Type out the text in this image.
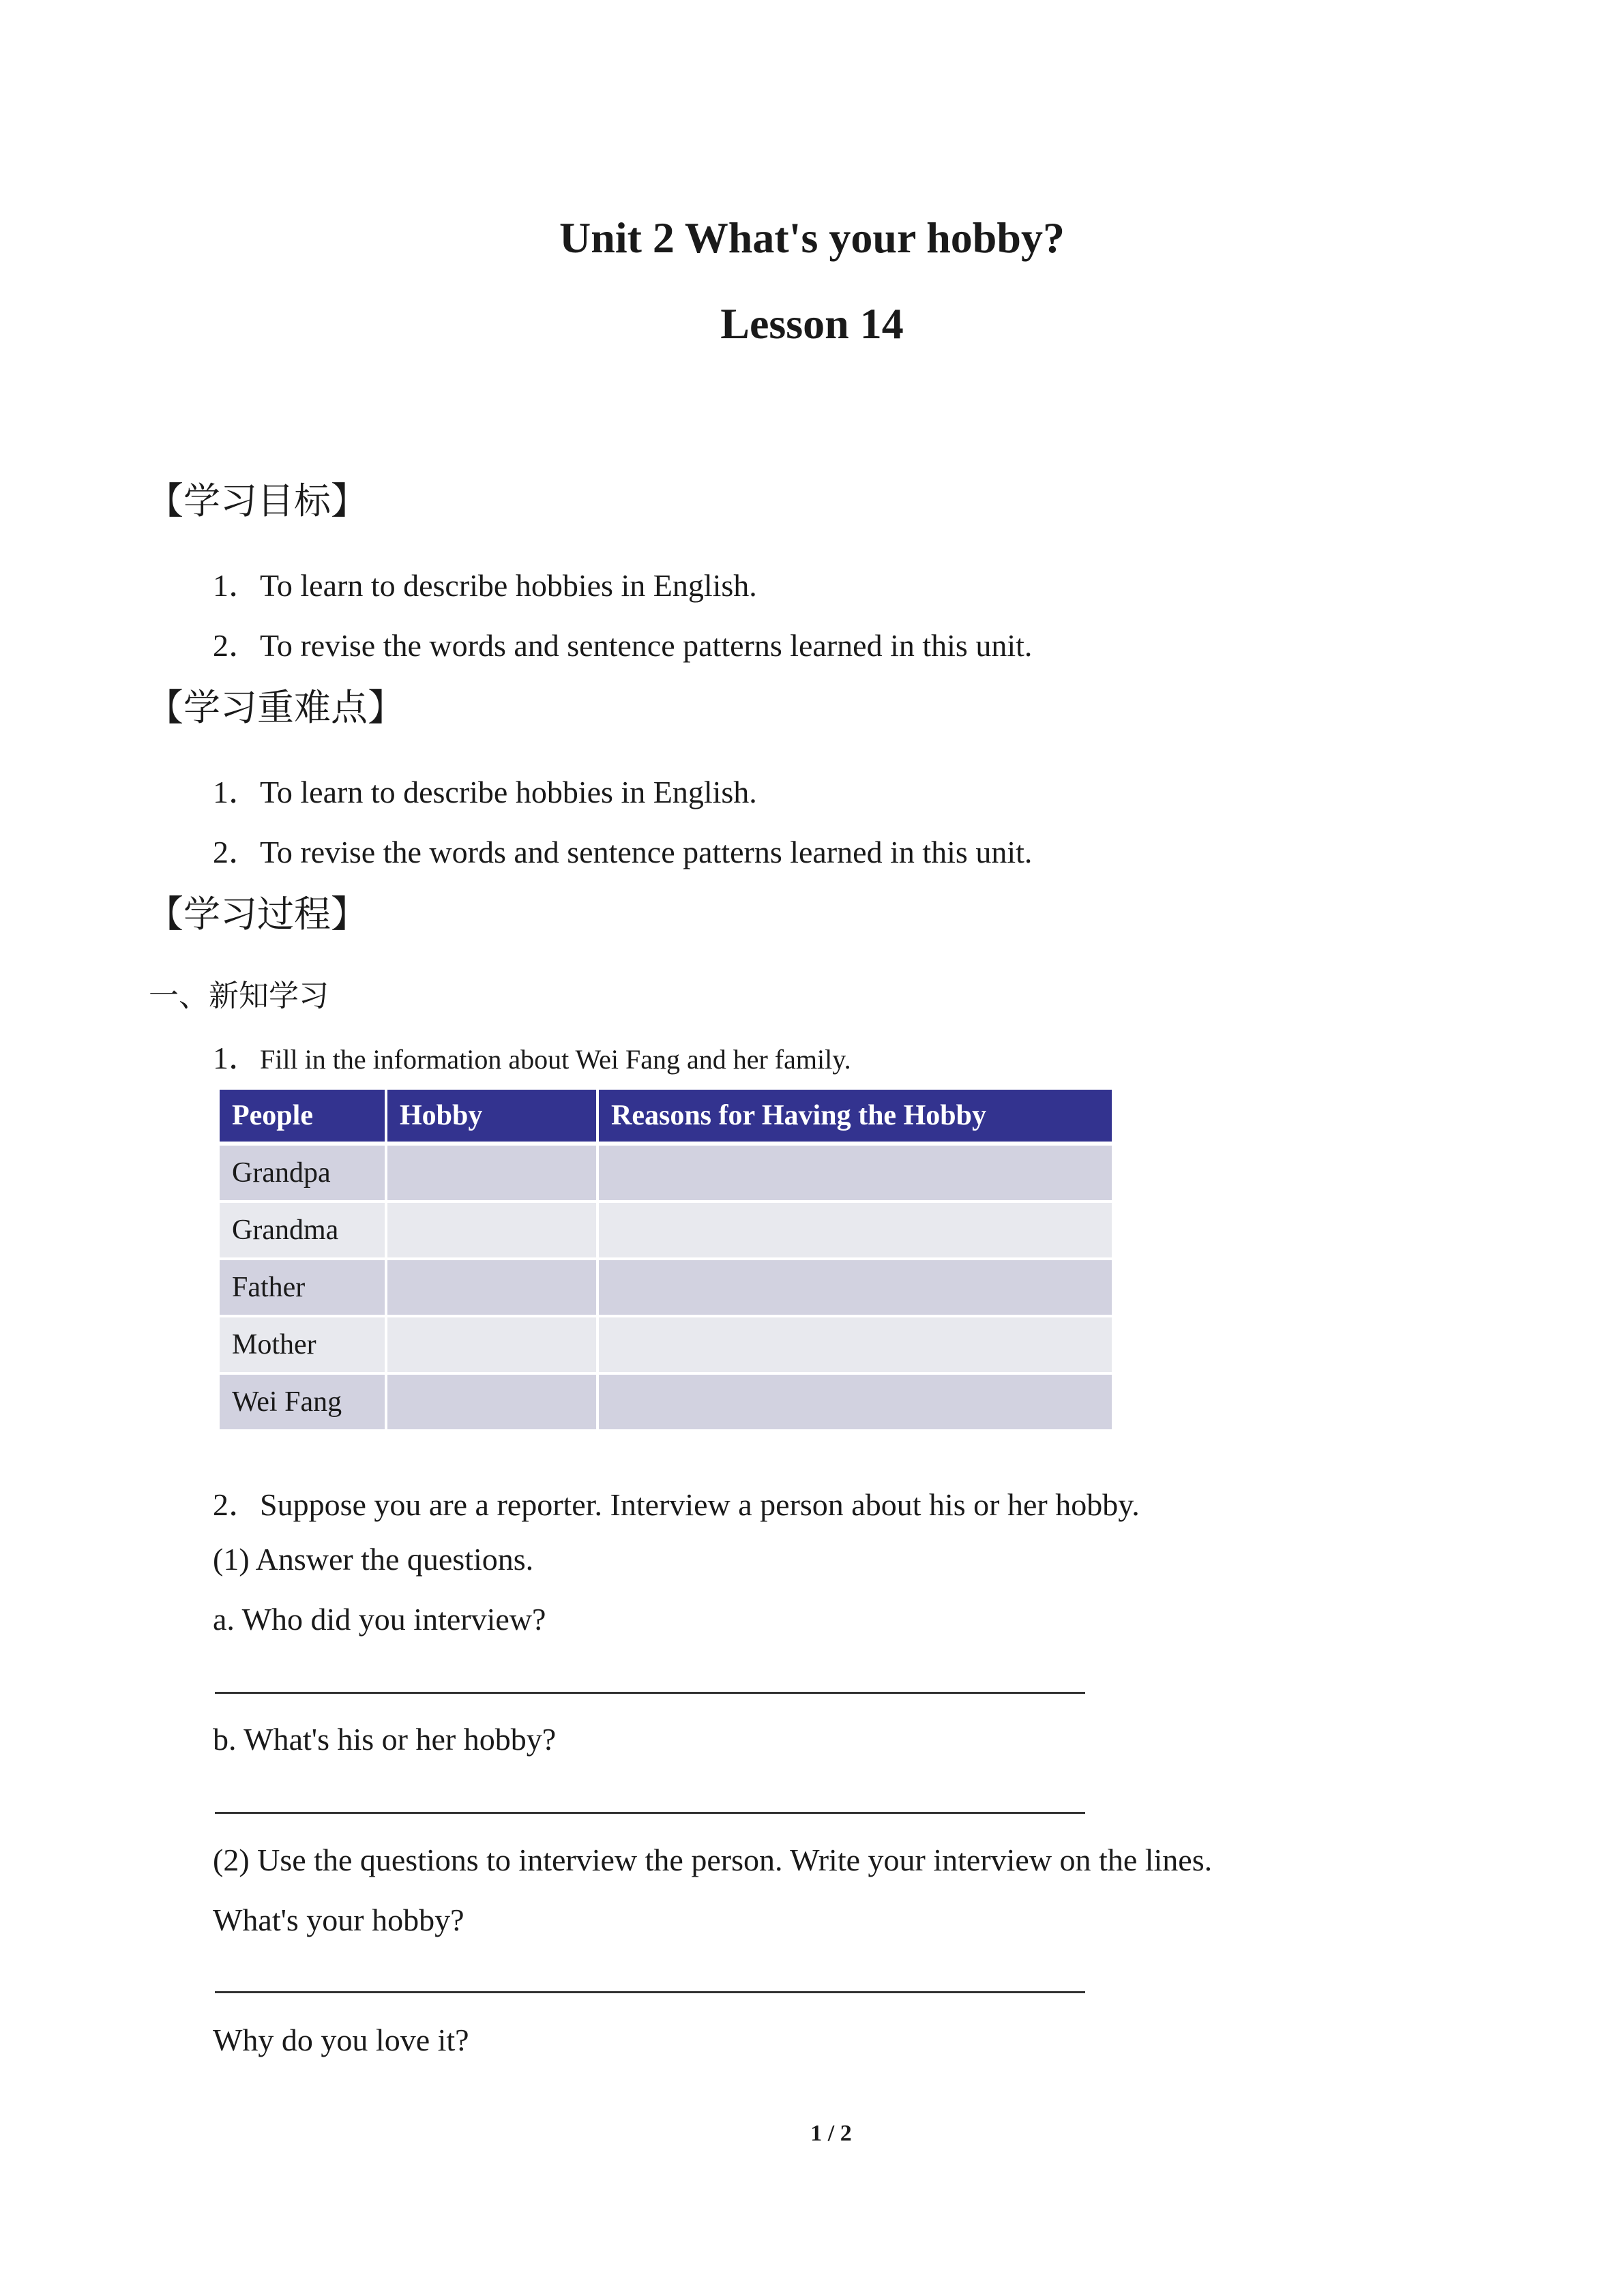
Unit 2 What's your hobby?
Lesson 14
【学习目标】
1．To learn to describe hobbies in English.
2．To revise the words and sentence patterns learned in this unit.
【学习重难点】
1．To learn to describe hobbies in English.
2．To revise the words and sentence patterns learned in this unit.
【学习过程】
一、新知学习
1．Fill in the information about Wei Fang and her family.
People	Hobby	Reasons for Having the Hobby
Grandpa		
Grandma		
Father		
Mother		
Wei Fang		
2．Suppose you are a reporter. Interview a person about his or her hobby.
(1) Answer the questions.
a. Who did you interview?
b. What's his or her hobby?
(2) Use the questions to interview the person. Write your interview on the lines.
What's your hobby?
Why do you love it?
1 / 2
